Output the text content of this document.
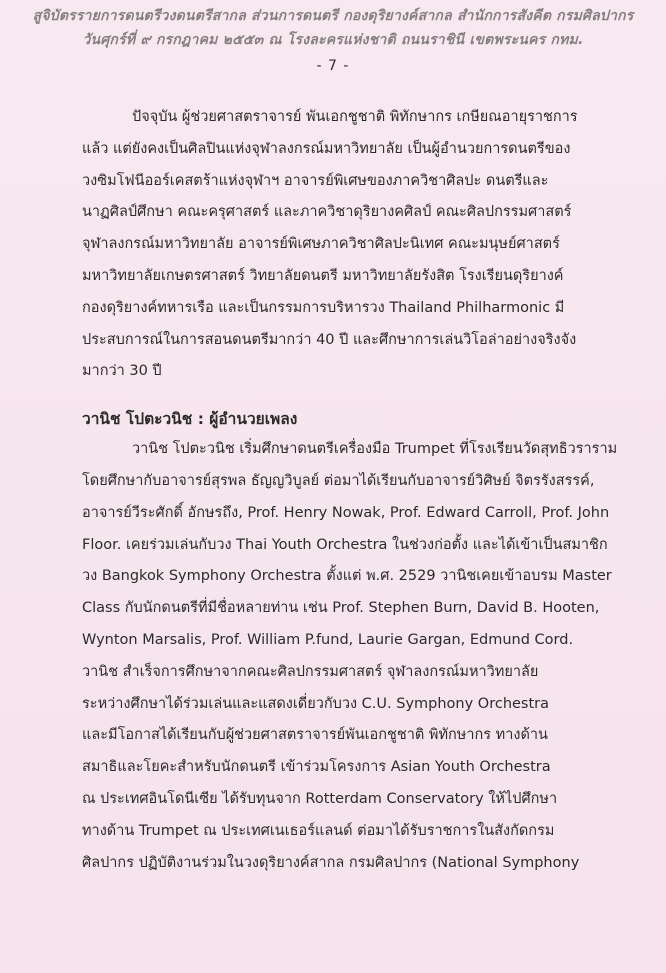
สูจิบัตรรายการดนตรีวงดนตรีสากล ส่วนการดนตรี กองดุริยางค์สากล สำนักการสังคีต กรมศิลปากร
วันศุกร์ที่ ๙ กรกฎาคม ๒๕๕๓ ณ โรงละครแห่งชาติ ถนนราชินี เขตพระนคร กทม.
- 7 -

ปัจจุบัน ผู้ช่วยศาสตราจารย์ พันเอกชูชาติ พิทักษากร เกษียณอายุราชการ

แล้ว แต่ยังคงเป็นศิลปินแห่งจุฬาลงกรณ์มหาวิทยาลัย เป็นผู้อำนวยการดนตรีของ

วงซิมโฟนีออร์เคสตร้าแห่งจุฬาฯ อาจารย์พิเศษของภาควิชาศิลปะ ดนตรีและ

นาฏศิลป์ศึกษา คณะครุศาสตร์ และภาควิชาดุริยางคศิลป์ คณะศิลปกรรมศาสตร์

จุฬาลงกรณ์มหาวิทยาลัย อาจารย์พิเศษภาควิชาศิลปะนิเทศ คณะมนุษย์ศาสตร์

มหาวิทยาลัยเกษตรศาสตร์ วิทยาลัยดนตรี มหาวิทยาลัยรังสิต โรงเรียนดุริยางค์

กองดุริยางค์ทหารเรือ และเป็นกรรมการบริหารวง Thailand Philharmonic มี

ประสบการณ์ในการสอนดนตรีมากว่า 40 ปี และศึกษาการเล่นวิโอล่าอย่างจริงจัง

มากว่า 30 ปี

วานิช โปตะวนิช : ผู้อำนวยเพลง

วานิช โปตะวนิช เริ่มศึกษาดนตรีเครื่องมือ Trumpet ที่โรงเรียนวัดสุทธิวราราม

โดยศึกษากับอาจารย์สุรพล ธัญญวิบูลย์ ต่อมาได้เรียนกับอาจารย์วิศิษย์ จิตรรังสรรค์,

อาจารย์วีระศักดิ์ อักษรถึง, Prof. Henry Nowak, Prof. Edward Carroll, Prof. John

Floor. เคยร่วมเล่นกับวง Thai Youth Orchestra ในช่วงก่อตั้ง และได้เข้าเป็นสมาชิก

วง Bangkok Symphony Orchestra ตั้งแต่ พ.ศ. 2529 วานิชเคยเข้าอบรม Master

Class กับนักดนตรีที่มีชื่อหลายท่าน เช่น Prof. Stephen Burn, David B. Hooten,

Wynton Marsalis, Prof. William P.fund, Laurie Gargan, Edmund Cord.

วานิช สำเร็จการศึกษาจากคณะศิลปกรรมศาสตร์ จุฬาลงกรณ์มหาวิทยาลัย

ระหว่างศึกษาได้ร่วมเล่นและแสดงเดี่ยวกับวง C.U. Symphony Orchestra

และมีโอกาสได้เรียนกับผู้ช่วยศาสตราจารย์พันเอกชูชาติ พิทักษากร ทางด้าน

สมาธิและโยคะสำหรับนักดนตรี เข้าร่วมโครงการ Asian Youth Orchestra

ณ ประเทศอินโดนีเซีย ได้รับทุนจาก Rotterdam Conservatory ให้ไปศึกษา

ทางด้าน Trumpet ณ ประเทศเนเธอร์แลนด์ ต่อมาได้รับราชการในสังกัดกรม

ศิลปากร ปฏิบัติงานร่วมในวงดุริยางค์สากล กรมศิลปากร (National Symphony
